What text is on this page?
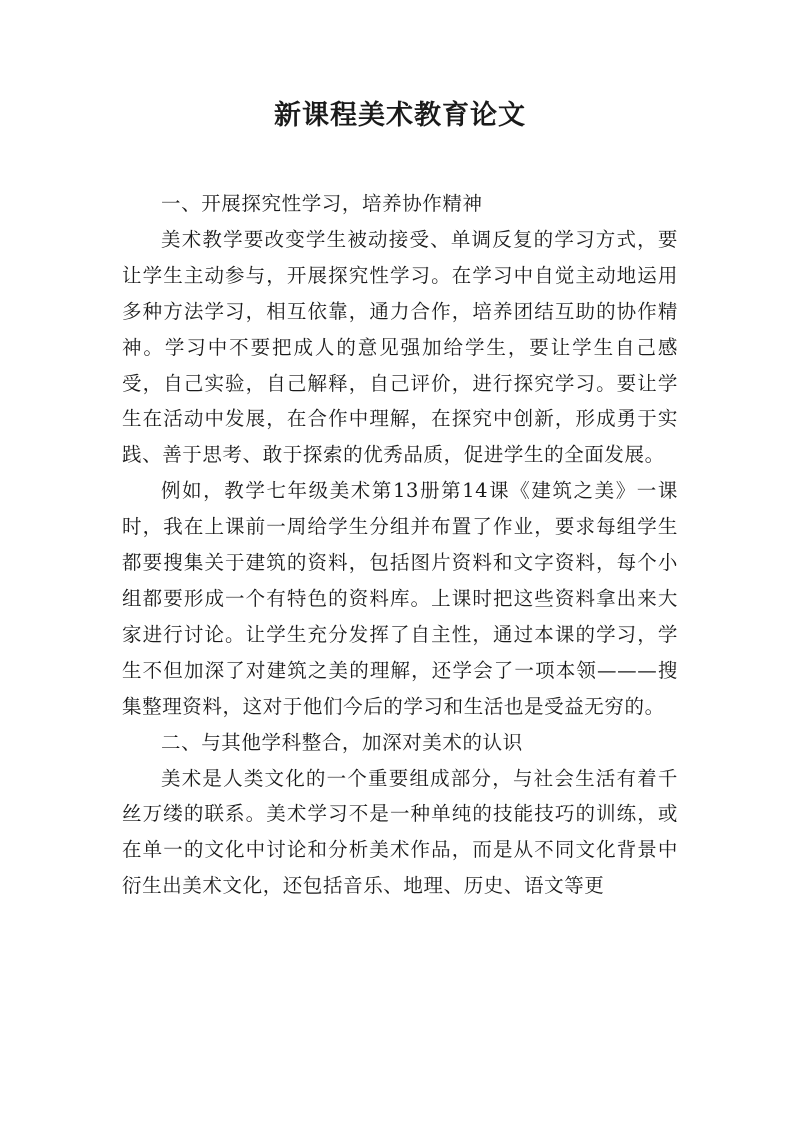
新课程美术教育论文

一、开展探究性学习，培养协作精神

美术教学要改变学生被动接受、单调反复的学习方式，要让学生主动参与，开展探究性学习。在学习中自觉主动地运用多种方法学习，相互依靠，通力合作，培养团结互助的协作精神。学习中不要把成人的意见强加给学生，要让学生自己感受，自己实验，自己解释，自己评价，进行探究学习。要让学生在活动中发展，在合作中理解，在探究中创新，形成勇于实践、善于思考、敢于探索的优秀品质，促进学生的全面发展。

例如，教学七年级美术第13册第14课《建筑之美》一课时，我在上课前一周给学生分组并布置了作业，要求每组学生都要搜集关于建筑的资料，包括图片资料和文字资料，每个小组都要形成一个有特色的资料库。上课时把这些资料拿出来大家进行讨论。让学生充分发挥了自主性，通过本课的学习，学生不但加深了对建筑之美的理解，还学会了一项本领———搜集整理资料，这对于他们今后的学习和生活也是受益无穷的。

二、与其他学科整合，加深对美术的认识

美术是人类文化的一个重要组成部分，与社会生活有着千丝万缕的联系。美术学习不是一种单纯的技能技巧的训练，或在单一的文化中讨论和分析美术作品，而是从不同文化背景中衍生出美术文化，还包括音乐、地理、历史、语文等更
